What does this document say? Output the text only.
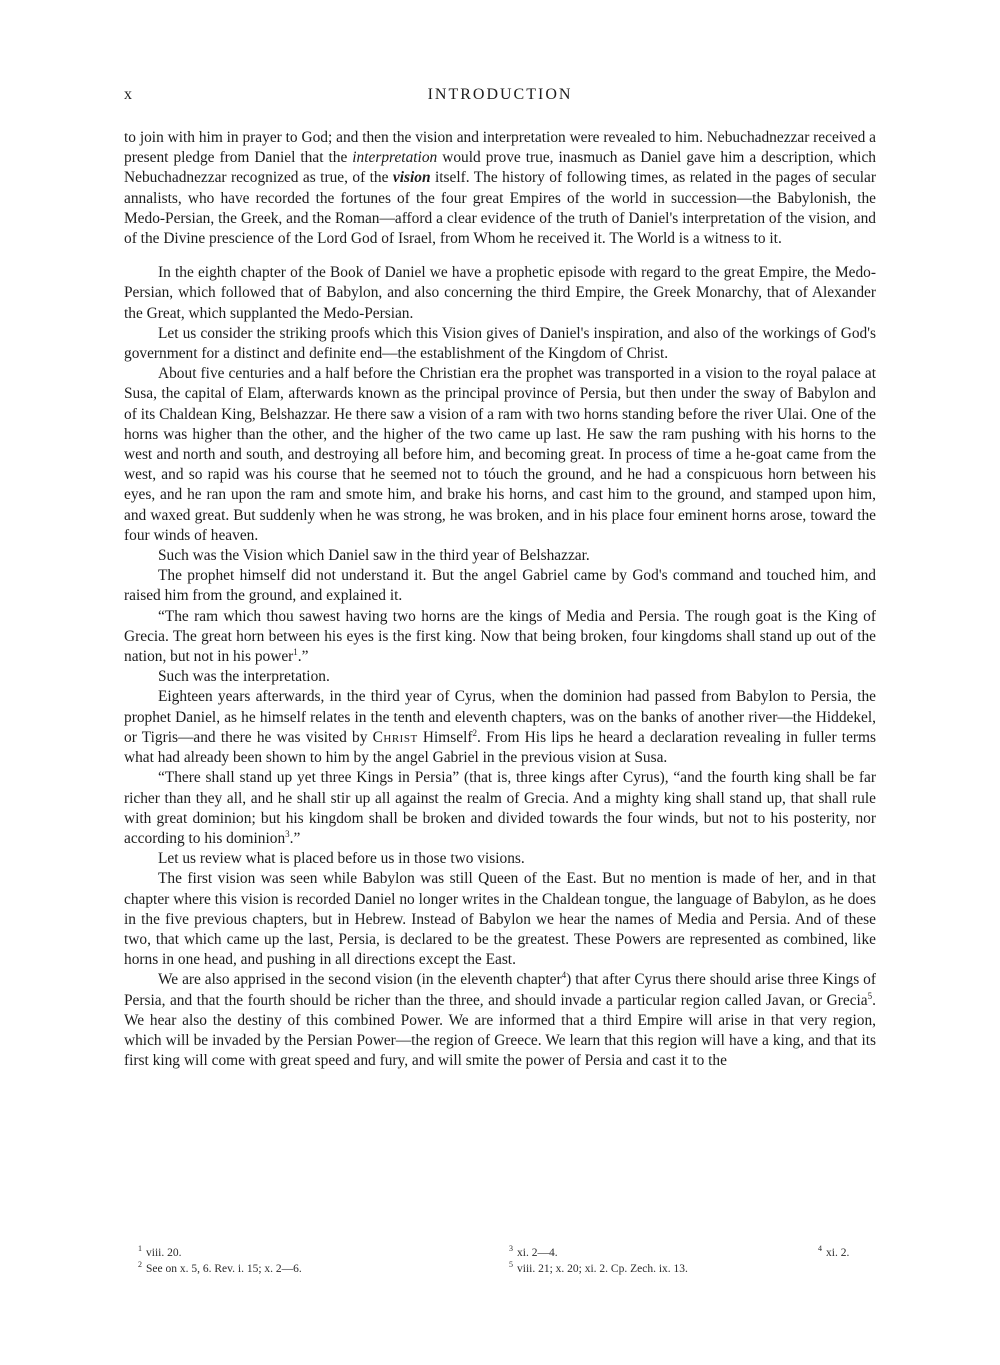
x	INTRODUCTION

to join with him in prayer to God; and then the vision and interpretation were revealed to him. Nebuchadnezzar received a present pledge from Daniel that the interpretation would prove true, inasmuch as Daniel gave him a description, which Nebuchadnezzar recognized as true, of the vision itself. The history of following times, as related in the pages of secular annalists, who have recorded the fortunes of the four great Empires of the world in succession—the Babylonish, the Medo-Persian, the Greek, and the Roman—afford a clear evidence of the truth of Daniel's interpretation of the vision, and of the Divine prescience of the Lord God of Israel, from Whom he received it. The World is a witness to it.

In the eighth chapter of the Book of Daniel we have a prophetic episode with regard to the great Empire, the Medo-Persian, which followed that of Babylon, and also concerning the third Empire, the Greek Monarchy, that of Alexander the Great, which supplanted the Medo-Persian.

Let us consider the striking proofs which this Vision gives of Daniel's inspiration, and also of the workings of God's government for a distinct and definite end—the establishment of the Kingdom of Christ.

About five centuries and a half before the Christian era the prophet was transported in a vision to the royal palace at Susa, the capital of Elam, afterwards known as the principal province of Persia, but then under the sway of Babylon and of its Chaldean King, Belshazzar. He there saw a vision of a ram with two horns standing before the river Ulai. One of the horns was higher than the other, and the higher of the two came up last. He saw the ram pushing with his horns to the west and north and south, and destroying all before him, and becoming great. In process of time a he-goat came from the west, and so rapid was his course that he seemed not to tóuch the ground, and he had a conspicuous horn between his eyes, and he ran upon the ram and smote him, and brake his horns, and cast him to the ground, and stamped upon him, and waxed great. But suddenly when he was strong, he was broken, and in his place four eminent horns arose, toward the four winds of heaven.

Such was the Vision which Daniel saw in the third year of Belshazzar.

The prophet himself did not understand it. But the angel Gabriel came by God's command and touched him, and raised him from the ground, and explained it.

“The ram which thou sawest having two horns are the kings of Media and Persia. The rough goat is the King of Grecia. The great horn between his eyes is the first king. Now that being broken, four kingdoms shall stand up out of the nation, but not in his power$^1$.”

Such was the interpretation.

Eighteen years afterwards, in the third year of Cyrus, when the dominion had passed from Babylon to Persia, the prophet Daniel, as he himself relates in the tenth and eleventh chapters, was on the banks of another river—the Hiddekel, or Tigris—and there he was visited by Christ Himself$^2$. From His lips he heard a declaration revealing in fuller terms what had already been shown to him by the angel Gabriel in the previous vision at Susa.

“There shall stand up yet three Kings in Persia” (that is, three kings after Cyrus), “and the fourth king shall be far richer than they all, and he shall stir up all against the realm of Grecia. And a mighty king shall stand up, that shall rule with great dominion; but his kingdom shall be broken and divided towards the four winds, but not to his posterity, nor according to his dominion$^3$.”

Let us review what is placed before us in those two visions.

The first vision was seen while Babylon was still Queen of the East. But no mention is made of her, and in that chapter where this vision is recorded Daniel no longer writes in the Chaldean tongue, the language of Babylon, as he does in the five previous chapters, but in Hebrew. Instead of Babylon we hear the names of Media and Persia. And of these two, that which came up the last, Persia, is declared to be the greatest. These Powers are represented as combined, like horns in one head, and pushing in all directions except the East.

We are also apprised in the second vision (in the eleventh chapter$^4$) that after Cyrus there should arise three Kings of Persia, and that the fourth should be richer than the three, and should invade a particular region called Javan, or Grecia$^5$. We hear also the destiny of this combined Power. We are informed that a third Empire will arise in that very region, which will be invaded by the Persian Power—the region of Greece. We learn that this region will have a king, and that its first king will come with great speed and fury, and will smite the power of Persia and cast it to the

$^1$ viii. 20.
$^2$ See on x. 5, 6. Rev. i. 15; x. 2—6.
$^3$ xi. 2—4.
$^5$ viii. 21; x. 20; xi. 2. Cp. Zech. ix. 13.
$^4$ xi. 2.
